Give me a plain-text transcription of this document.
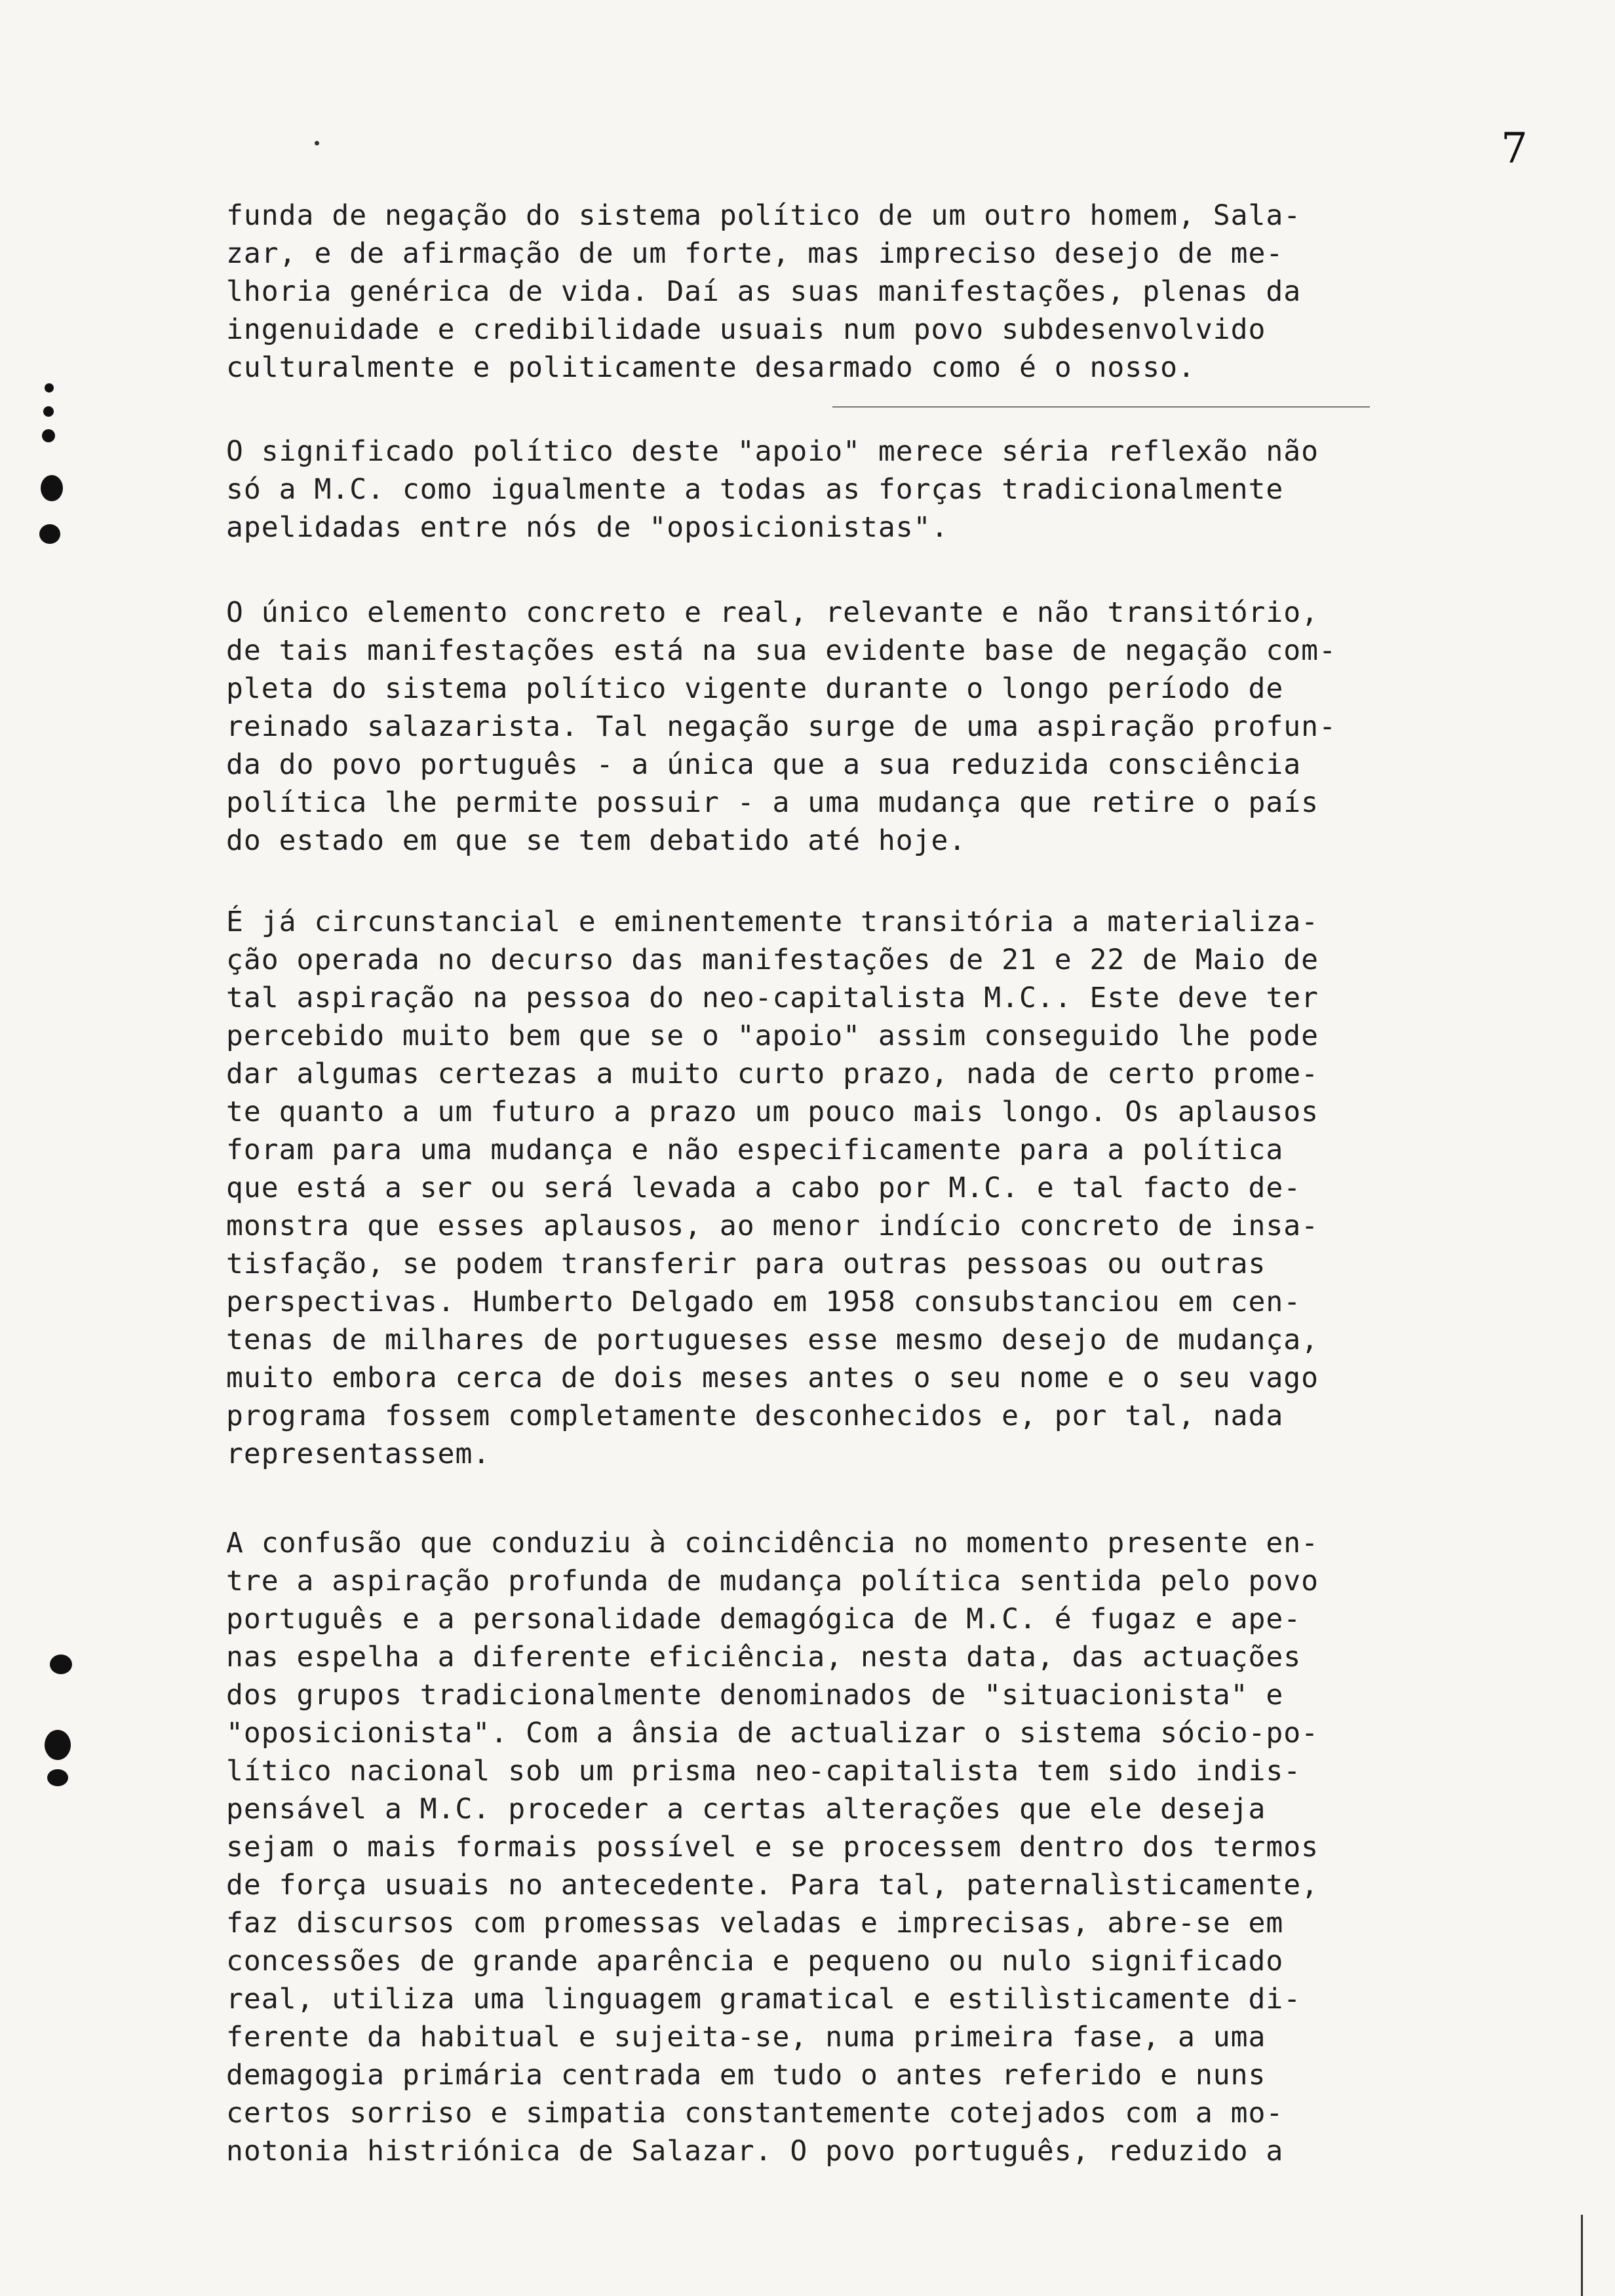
7
funda de negação do sistema político de um outro homem, Sala-
zar, e de afirmação de um forte, mas impreciso desejo de me-
lhoria genérica de vida. Daí as suas manifestações, plenas da
ingenuidade e credibilidade usuais num povo subdesenvolvido
culturalmente e politicamente desarmado como é o nosso.
O significado político deste "apoio" merece séria reflexão não
só a M.C. como igualmente a todas as forças tradicionalmente
apelidadas entre nós de "oposicionistas".
O único elemento concreto e real, relevante e não transitório,
de tais manifestações está na sua evidente base de negação com-
pleta do sistema político vigente durante o longo período de
reinado salazarista. Tal negação surge de uma aspiração profun-
da do povo português - a única que a sua reduzida consciência
política lhe permite possuir - a uma mudança que retire o país
do estado em que se tem debatido até hoje.
É já circunstancial e eminentemente transitória a materializa-
ção operada no decurso das manifestações de 21 e 22 de Maio de
tal aspiração na pessoa do neo-capitalista M.C.. Este deve ter
percebido muito bem que se o "apoio" assim conseguido lhe pode
dar algumas certezas a muito curto prazo, nada de certo prome-
te quanto a um futuro a prazo um pouco mais longo. Os aplausos
foram para uma mudança e não especificamente para a política
que está a ser ou será levada a cabo por M.C. e tal facto de-
monstra que esses aplausos, ao menor indício concreto de insa-
tisfação, se podem transferir para outras pessoas ou outras
perspectivas. Humberto Delgado em 1958 consubstanciou em cen-
tenas de milhares de portugueses esse mesmo desejo de mudança,
muito embora cerca de dois meses antes o seu nome e o seu vago
programa fossem completamente desconhecidos e, por tal, nada
representassem.
A confusão que conduziu à coincidência no momento presente en-
tre a aspiração profunda de mudança política sentida pelo povo
português e a personalidade demagógica de M.C. é fugaz e ape-
nas espelha a diferente eficiência, nesta data, das actuações
dos grupos tradicionalmente denominados de "situacionista" e
"oposicionista". Com a ânsia de actualizar o sistema sócio-po-
lítico nacional sob um prisma neo-capitalista tem sido indis-
pensável a M.C. proceder a certas alterações que ele deseja
sejam o mais formais possível e se processem dentro dos termos
de força usuais no antecedente. Para tal, paternalìsticamente,
faz discursos com promessas veladas e imprecisas, abre-se em
concessões de grande aparência e pequeno ou nulo significado
real, utiliza uma linguagem gramatical e estilìsticamente di-
ferente da habitual e sujeita-se, numa primeira fase, a uma
demagogia primária centrada em tudo o antes referido e nuns
certos sorriso e simpatia constantemente cotejados com a mo-
notonia histriónica de Salazar. O povo português, reduzido a
